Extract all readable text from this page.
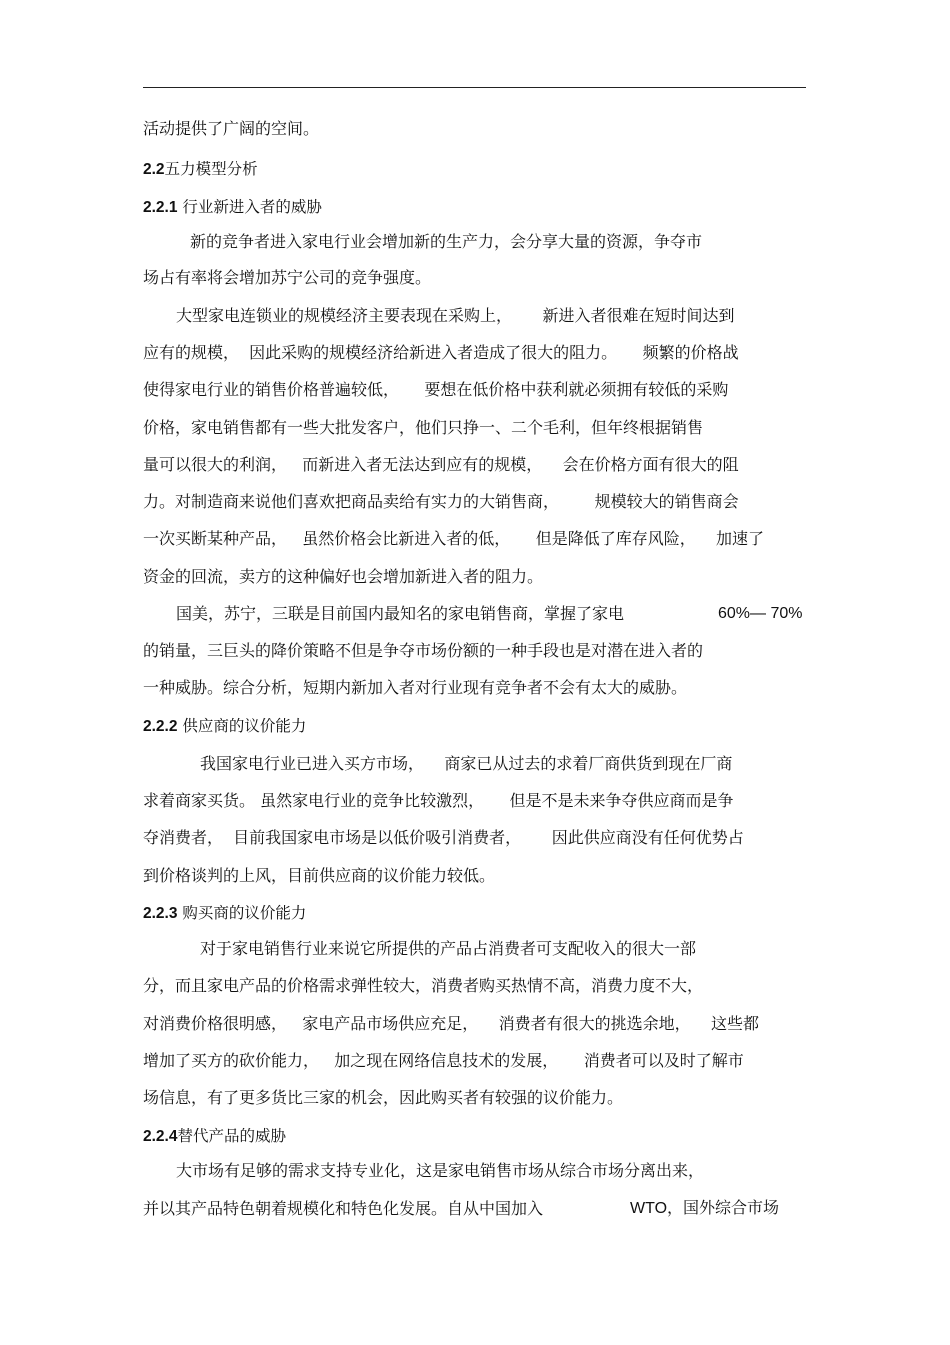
活动提供了广阔的空间。
2.2五力模型分析
2.2.1 行业新进入者的威胁
新的竞争者进入家电行业会增加新的生产力，会分享大量的资源，争夺市
场占有率将会增加苏宁公司的竞争强度。
大型家电连锁业的规模经济主要表现在采购上，      新进入者很难在短时间达到
应有的规模，  因此采购的规模经济给新进入者造成了很大的阻力。     频繁的价格战
使得家电行业的销售价格普遍较低，     要想在低价格中获利就必须拥有较低的采购
价格，家电销售都有一些大批发客户，他们只挣一、二个毛利，但年终根据销售
量可以很大的利润，   而新进入者无法达到应有的规模，    会在价格方面有很大的阻
力。对制造商来说他们喜欢把商品卖给有实力的大销售商，       规模较大的销售商会
一次买断某种产品，   虽然价格会比新进入者的低，     但是降低了库存风险，    加速了
资金的回流，卖方的这种偏好也会增加新进入者的阻力。
国美，苏宁，三联是目前国内最知名的家电销售商，掌握了家电	60%— 70%
的销量，三巨头的降价策略不但是争夺市场份额的一种手段也是对潜在进入者的
一种威胁。综合分析，短期内新加入者对行业现有竞争者不会有太大的威胁。
2.2.2 供应商的议价能力
我国家电行业已进入买方市场，    商家已从过去的求着厂商供货到现在厂商
求着商家买货。 虽然家电行业的竞争比较激烈，     但是不是未来争夺供应商而是争
夺消费者，  目前我国家电市场是以低价吸引消费者，      因此供应商没有任何优势占
到价格谈判的上风，目前供应商的议价能力较低。
2.2.3 购买商的议价能力
对于家电销售行业来说它所提供的产品占消费者可支配收入的很大一部
分，而且家电产品的价格需求弹性较大，消费者购买热情不高，消费力度不大，
对消费价格很明感，   家电产品市场供应充足，    消费者有很大的挑选余地，    这些都
增加了买方的砍价能力，   加之现在网络信息技术的发展，     消费者可以及时了解市
场信息，有了更多货比三家的机会，因此购买者有较强的议价能力。
2.2.4替代产品的威胁
大市场有足够的需求支持专业化，这是家电销售市场从综合市场分离出来，
并以其产品特色朝着规模化和特色化发展。自从中国加入	WTO，国外综合市场
